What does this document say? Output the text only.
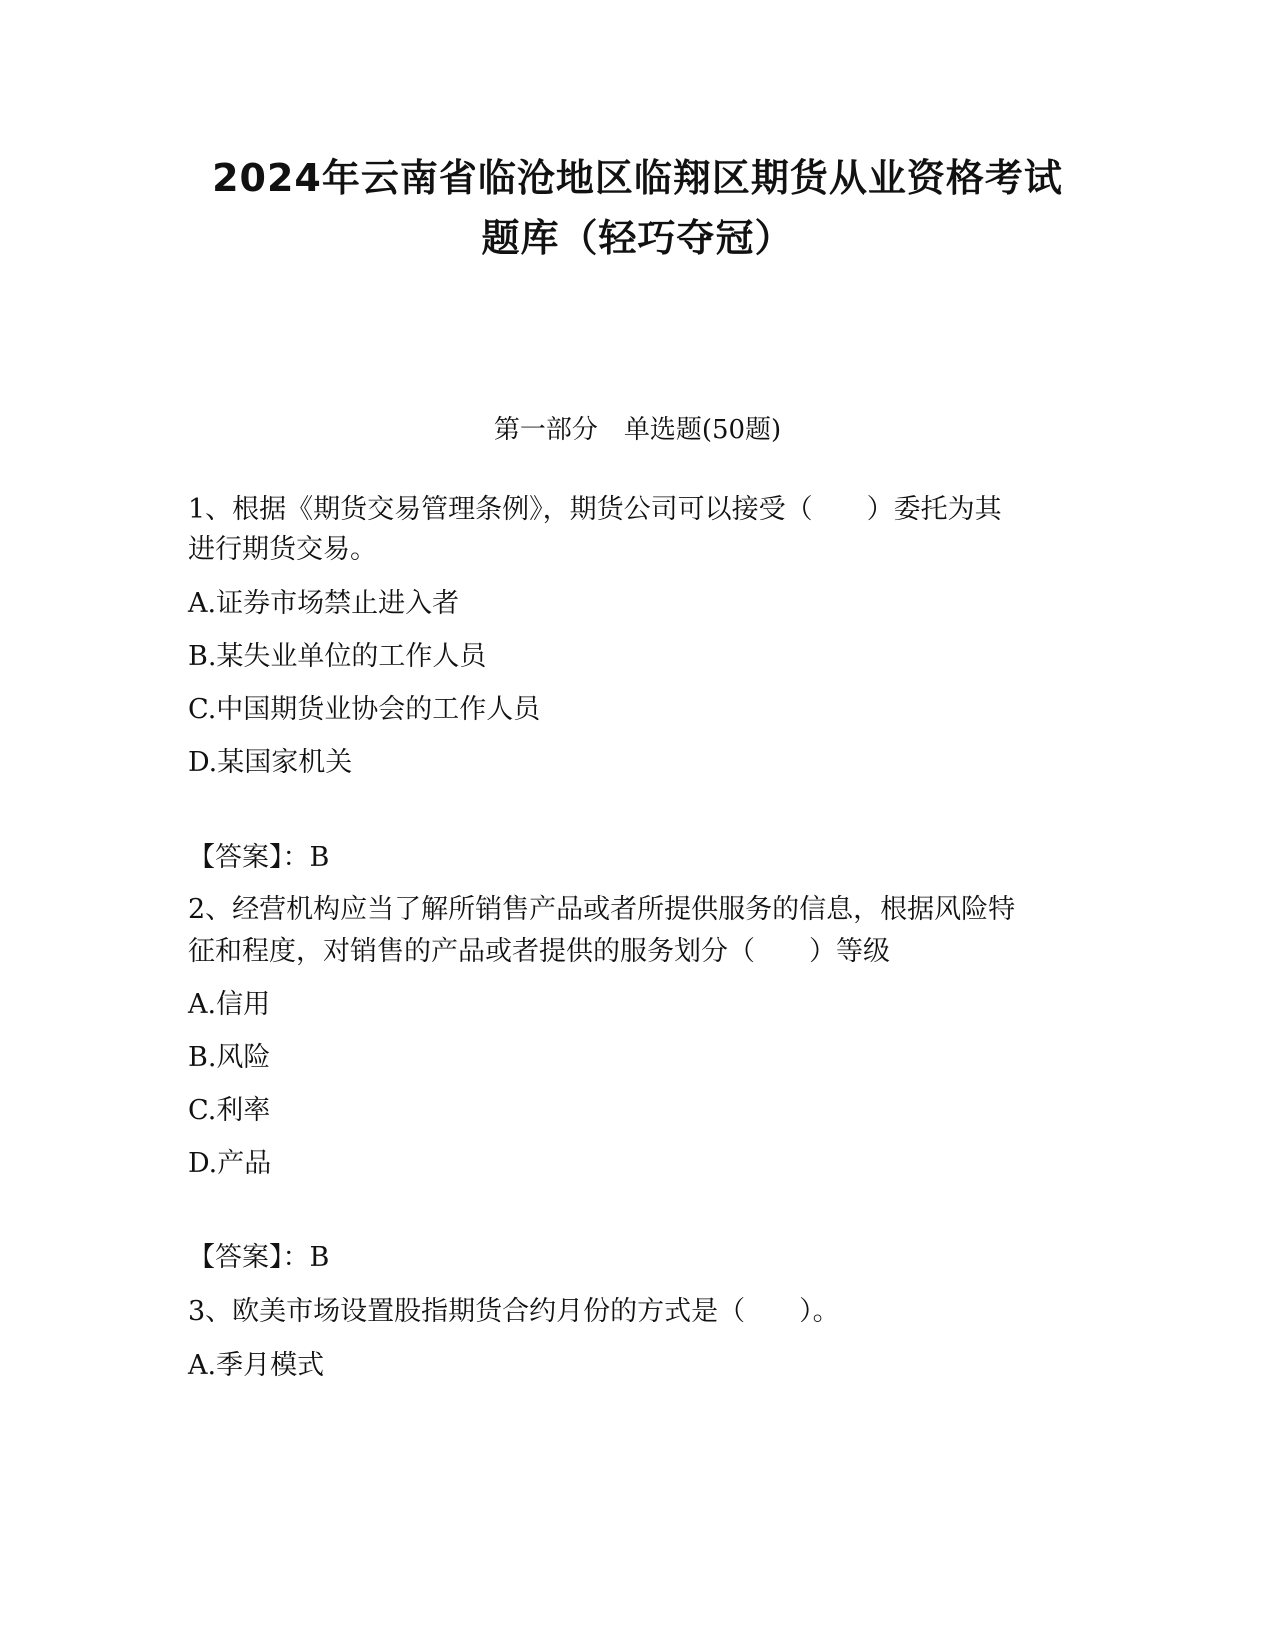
2024年云南省临沧地区临翔区期货从业资格考试
题库（轻巧夺冠）
第一部分　单选题(50题)
1、根据《期货交易管理条例》，期货公司可以接受（　　）委托为其
进行期货交易。
A.证券市场禁止进入者
B.某失业单位的工作人员
C.中国期货业协会的工作人员
D.某国家机关
【答案】：B
2、经营机构应当了解所销售产品或者所提供服务的信息，根据风险特
征和程度，对销售的产品或者提供的服务划分（　　）等级
A.信用
B.风险
C.利率
D.产品
【答案】：B
3、欧美市场设置股指期货合约月份的方式是（　　）。
A.季月模式
